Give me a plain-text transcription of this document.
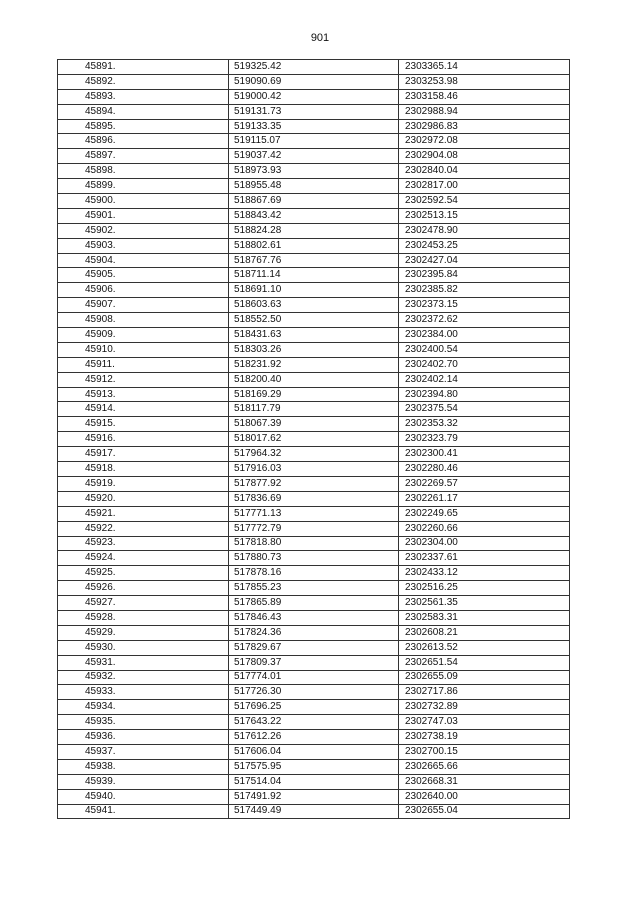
901
45891.	519325.42	2303365.14
45892.	519090.69	2303253.98
45893.	519000.42	2303158.46
45894.	519131.73	2302988.94
45895.	519133.35	2302986.83
45896.	519115.07	2302972.08
45897.	519037.42	2302904.08
45898.	518973.93	2302840.04
45899.	518955.48	2302817.00
45900.	518867.69	2302592.54
45901.	518843.42	2302513.15
45902.	518824.28	2302478.90
45903.	518802.61	2302453.25
45904.	518767.76	2302427.04
45905.	518711.14	2302395.84
45906.	518691.10	2302385.82
45907.	518603.63	2302373.15
45908.	518552.50	2302372.62
45909.	518431.63	2302384.00
45910.	518303.26	2302400.54
45911.	518231.92	2302402.70
45912.	518200.40	2302402.14
45913.	518169.29	2302394.80
45914.	518117.79	2302375.54
45915.	518067.39	2302353.32
45916.	518017.62	2302323.79
45917.	517964.32	2302300.41
45918.	517916.03	2302280.46
45919.	517877.92	2302269.57
45920.	517836.69	2302261.17
45921.	517771.13	2302249.65
45922.	517772.79	2302260.66
45923.	517818.80	2302304.00
45924.	517880.73	2302337.61
45925.	517878.16	2302433.12
45926.	517855.23	2302516.25
45927.	517865.89	2302561.35
45928.	517846.43	2302583.31
45929.	517824.36	2302608.21
45930.	517829.67	2302613.52
45931.	517809.37	2302651.54
45932.	517774.01	2302655.09
45933.	517726.30	2302717.86
45934.	517696.25	2302732.89
45935.	517643.22	2302747.03
45936.	517612.26	2302738.19
45937.	517606.04	2302700.15
45938.	517575.95	2302665.66
45939.	517514.04	2302668.31
45940.	517491.92	2302640.00
45941.	517449.49	2302655.04
